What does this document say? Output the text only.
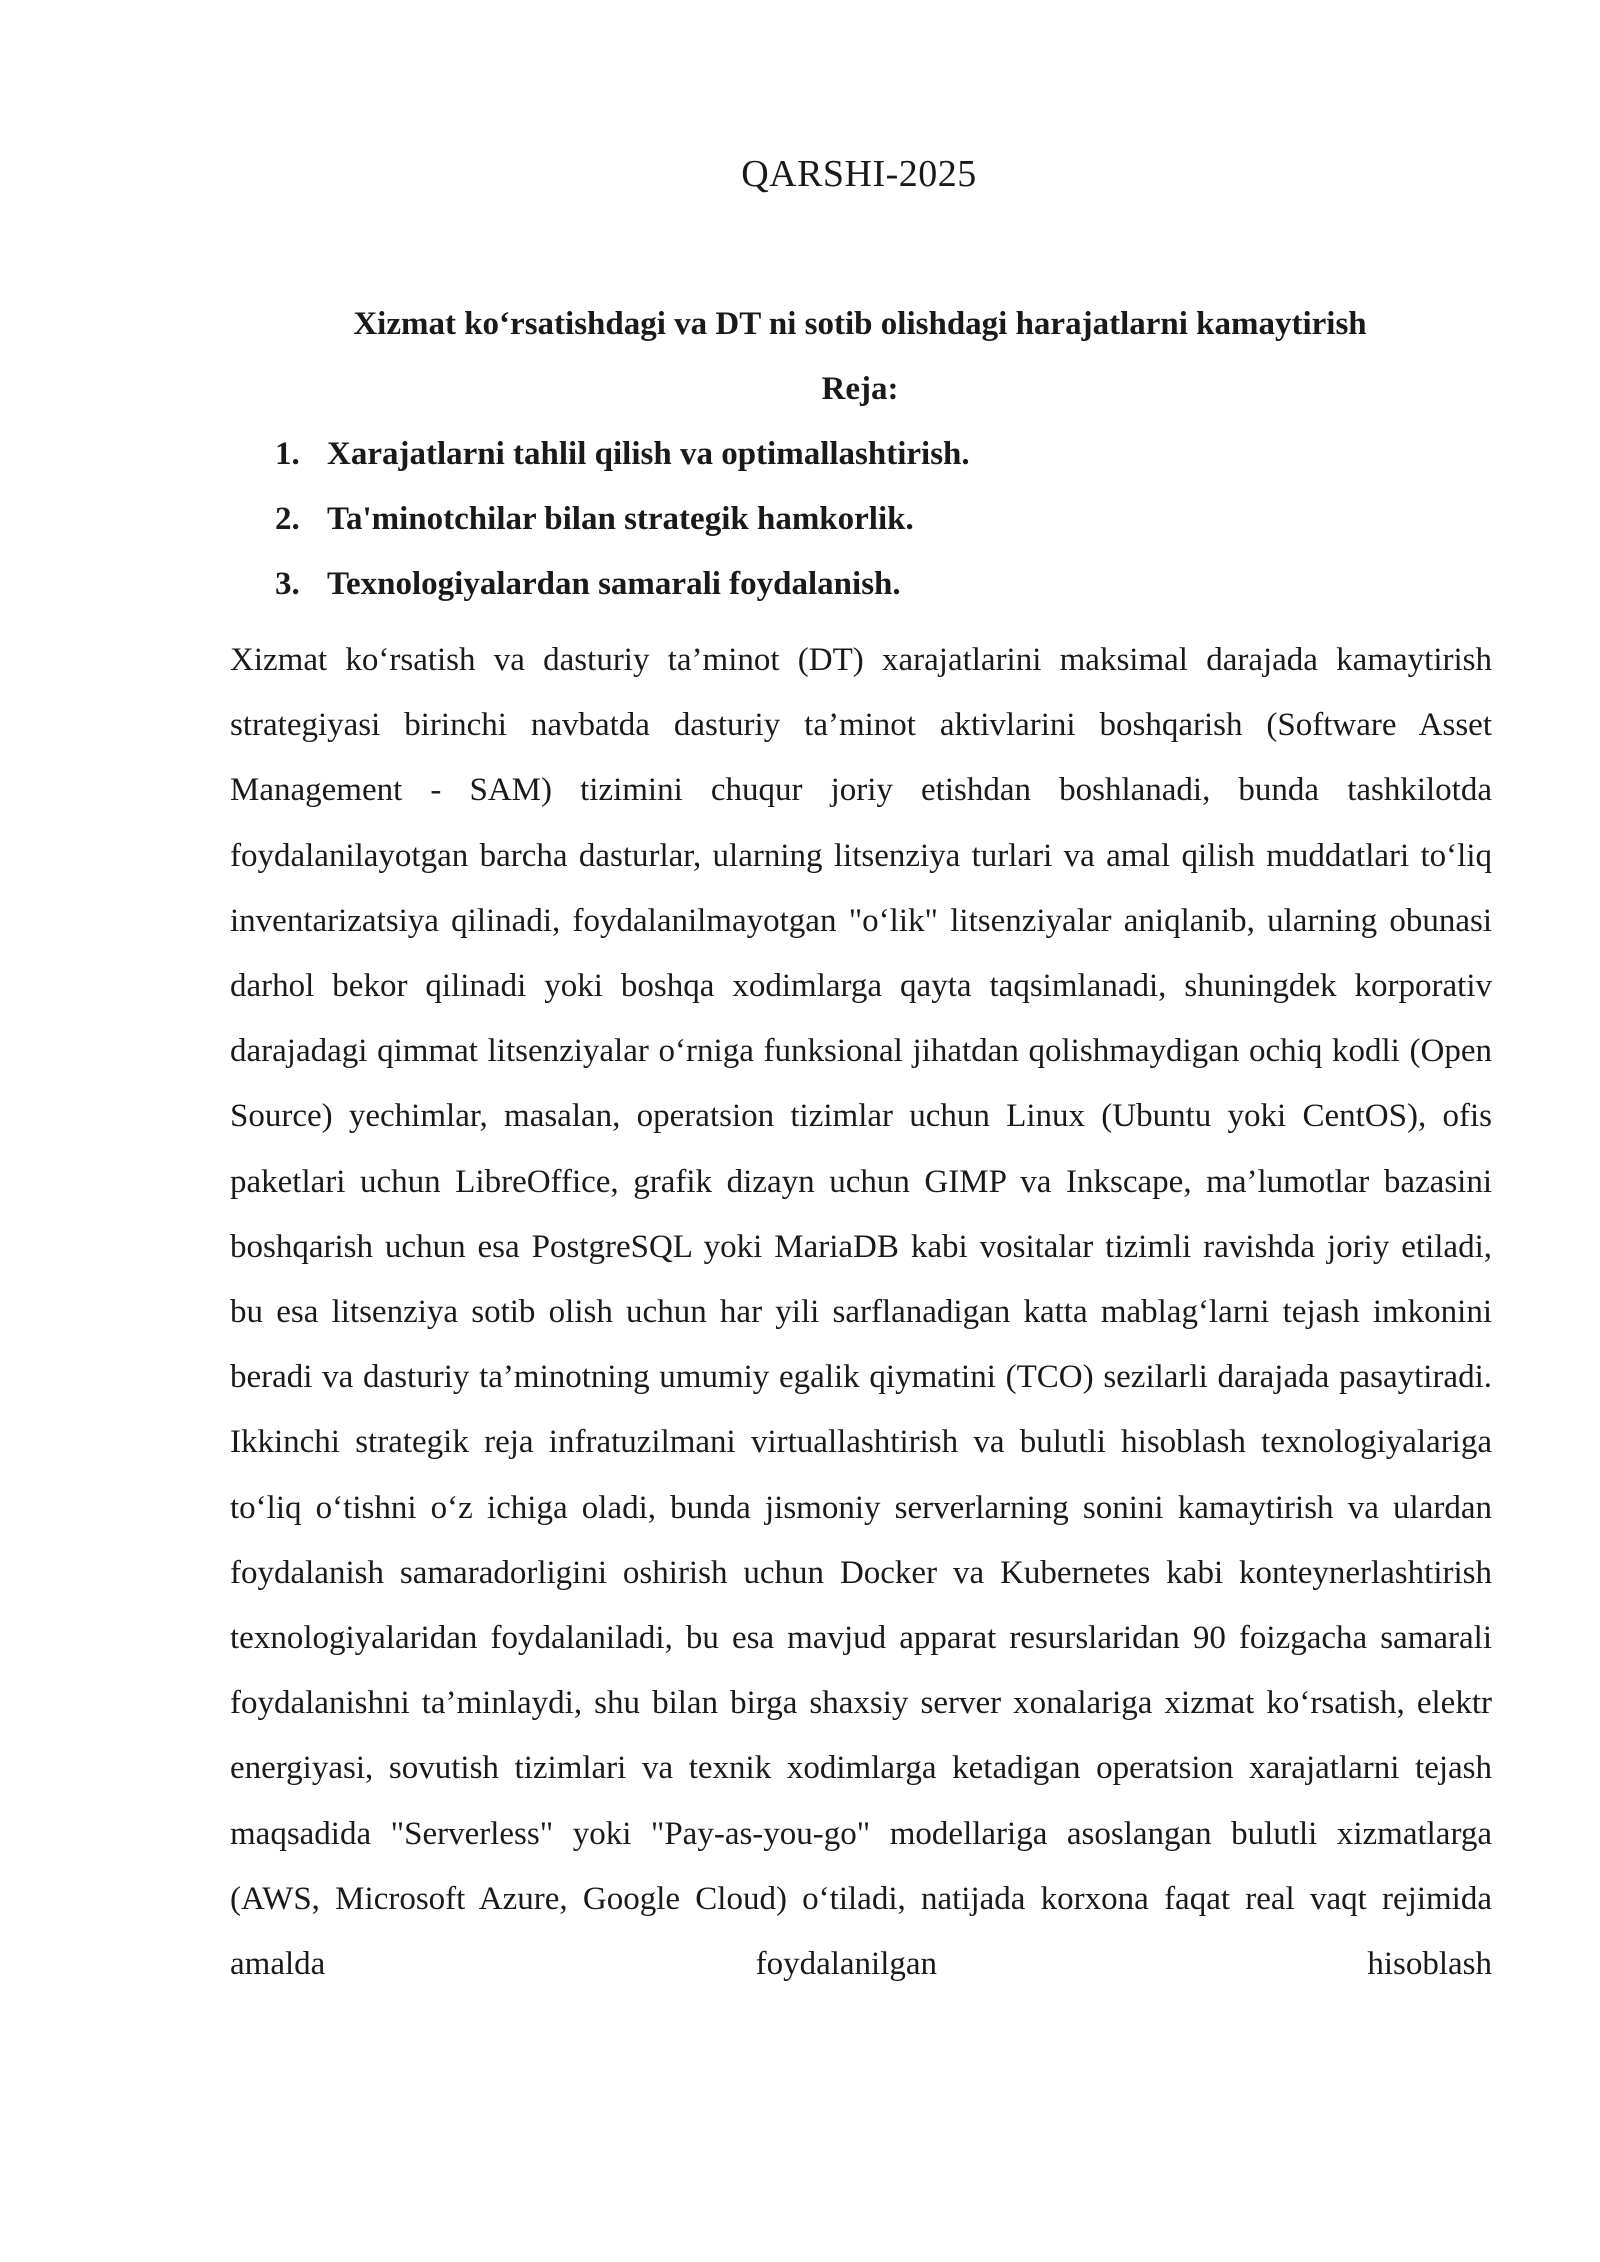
QARSHI-2025
Xizmat ko‘rsatishdagi va DT ni sotib olishdagi harajatlarni kamaytirish
Reja:
1. Xarajatlarni tahlil qilish va optimallashtirish.
2. Ta'minotchilar bilan strategik hamkorlik.
3. Texnologiyalardan samarali foydalanish.

Xizmat ko‘rsatish va dasturiy ta’minot (DT) xarajatlarini maksimal darajada kamaytirish strategiyasi birinchi navbatda dasturiy ta’minot aktivlarini boshqarish (Software Asset Management - SAM) tizimini chuqur joriy etishdan boshlanadi, bunda tashkilotda foydalanilayotgan barcha dasturlar, ularning litsenziya turlari va amal qilish muddatlari to‘liq inventarizatsiya qilinadi, foydalanilmayotgan "o‘lik" litsenziyalar aniqlanib, ularning obunasi darhol bekor qilinadi yoki boshqa xodimlarga qayta taqsimlanadi, shuningdek korporativ darajadagi qimmat litsenziyalar o‘rniga funksional jihatdan qolishmaydigan ochiq kodli (Open Source) yechimlar, masalan, operatsion tizimlar uchun Linux (Ubuntu yoki CentOS), ofis paketlari uchun LibreOffice, grafik dizayn uchun GIMP va Inkscape, ma’lumotlar bazasini boshqarish uchun esa PostgreSQL yoki MariaDB kabi vositalar tizimli ravishda joriy etiladi, bu esa litsenziya sotib olish uchun har yili sarflanadigan katta mablag‘larni tejash imkonini beradi va dasturiy ta’minotning umumiy egalik qiymatini (TCO) sezilarli darajada pasaytiradi. Ikkinchi strategik reja infratuzilmani virtuallashtirish va bulutli hisoblash texnologiyalariga to‘liq o‘tishni o‘z ichiga oladi, bunda jismoniy serverlarning sonini kamaytirish va ulardan foydalanish samaradorligini oshirish uchun Docker va Kubernetes kabi konteynerlashtirish texnologiyalaridan foydalaniladi, bu esa mavjud apparat resurslaridan 90 foizgacha samarali foydalanishni ta’minlaydi, shu bilan birga shaxsiy server xonalariga xizmat ko‘rsatish, elektr energiyasi, sovutish tizimlari va texnik xodimlarga ketadigan operatsion xarajatlarni tejash maqsadida "Serverless" yoki "Pay-as-you-go" modellariga asoslangan bulutli xizmatlarga (AWS, Microsoft Azure, Google Cloud) o‘tiladi, natijada korxona faqat real vaqt rejimida amalda foydalanilgan hisoblash
